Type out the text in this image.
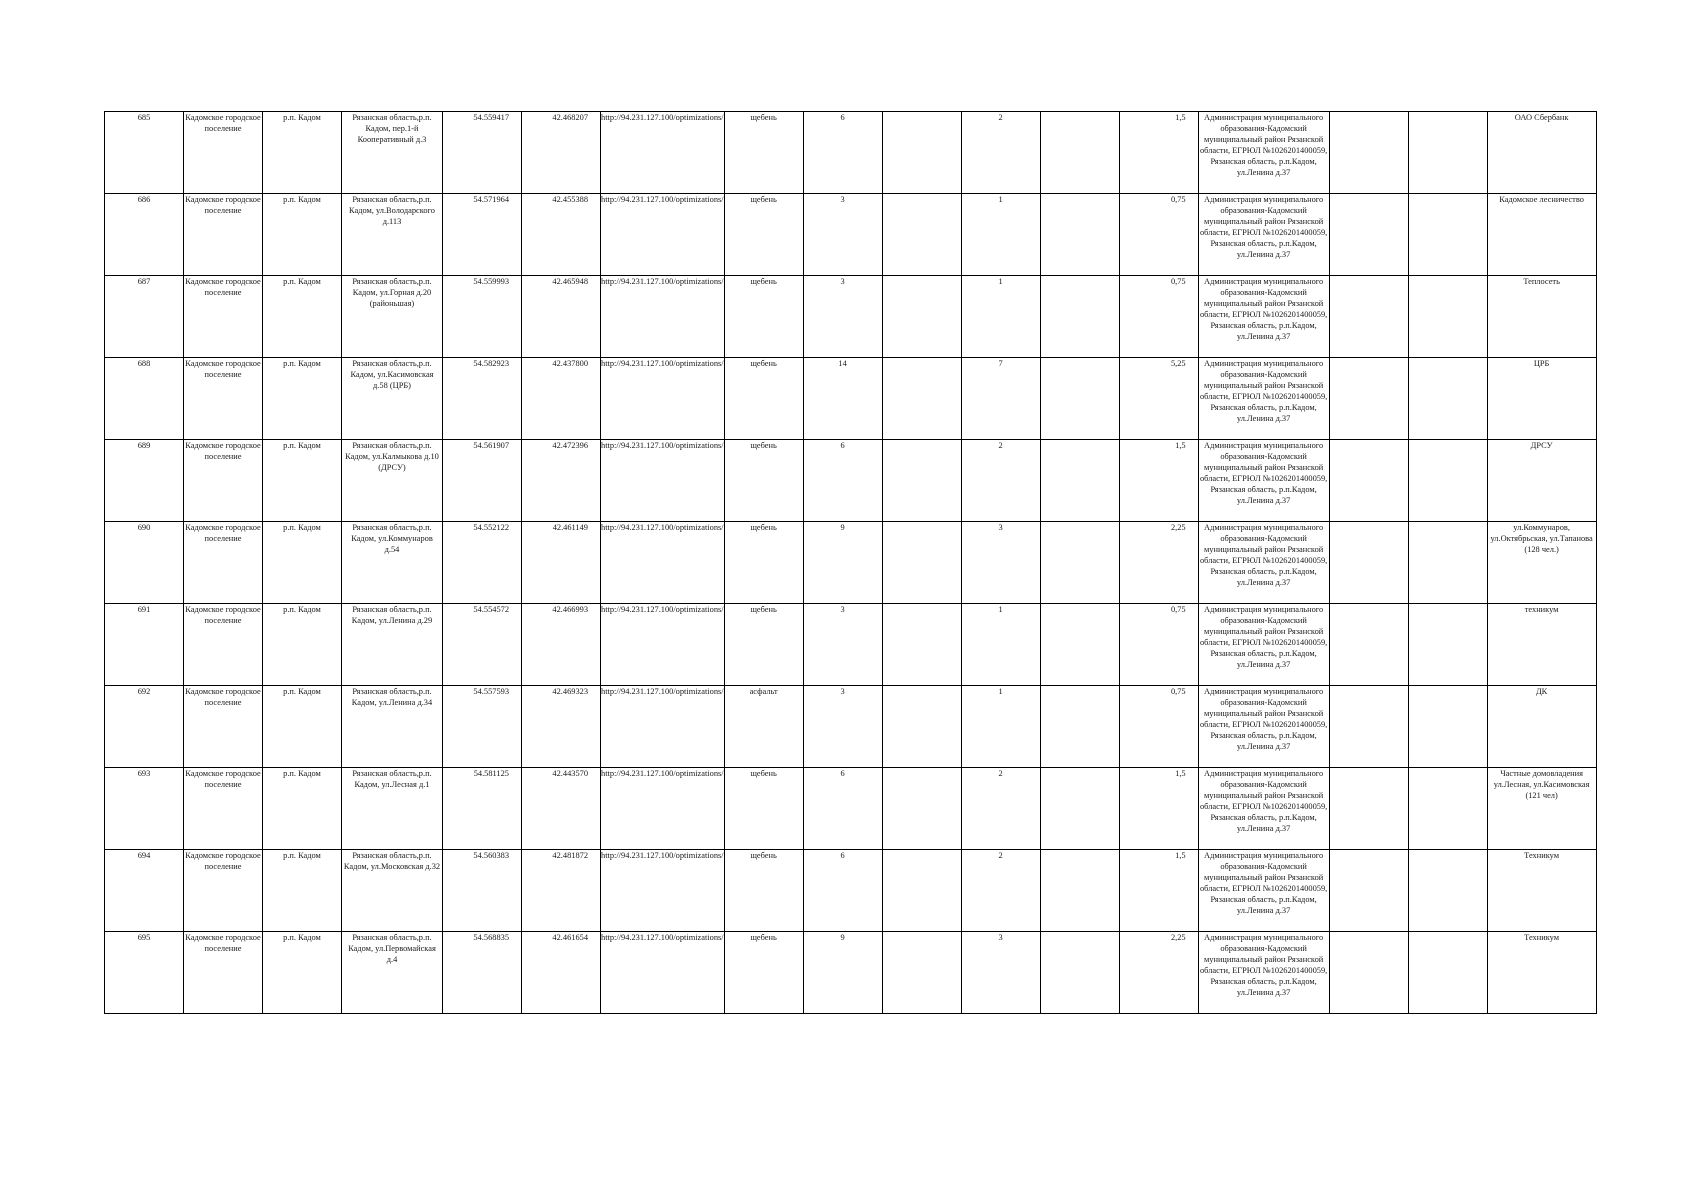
685	Кадомское городское поселение	р.п. Кадом	Рязанская область,р.п. Кадом, пер.1-й Кооперативный д.3	54.559417	42.468207	http://94.231.127.100/optimizations/	щебень	6		2		1,5	Администрация муниципального образования-Кадомский муниципальный район Рязанской области, ЕГРЮЛ №1026201400059, Рязанская область, р.п.Кадом, ул.Ленина д.37			ОАО Сбербанк
686	Кадомское городское поселение	р.п. Кадом	Рязанская область,р.п. Кадом, ул.Володарского д.113	54.571964	42.455388	http://94.231.127.100/optimizations/	щебень	3		1		0,75	Администрация муниципального образования-Кадомский муниципальный район Рязанской области, ЕГРЮЛ №1026201400059, Рязанская область, р.п.Кадом, ул.Ленина д.37			Кадомское лесничество
687	Кадомское городское поселение	р.п. Кадом	Рязанская область,р.п. Кадом, ул.Горная д.20 (районьшая)	54.559993	42.465948	http://94.231.127.100/optimizations/	щебень	3		1		0,75	Администрация муниципального образования-Кадомский муниципальный район Рязанской области, ЕГРЮЛ №1026201400059, Рязанская область, р.п.Кадом, ул.Ленина д.37			Теплосеть
688	Кадомское городское поселение	р.п. Кадом	Рязанская область,р.п. Кадом, ул.Касимовская д.58 (ЦРБ)	54.582923	42.437800	http://94.231.127.100/optimizations/	щебень	14		7		5,25	Администрация муниципального образования-Кадомский муниципальный район Рязанской области, ЕГРЮЛ №1026201400059, Рязанская область, р.п.Кадом, ул.Ленина д.37			ЦРБ
689	Кадомское городское поселение	р.п. Кадом	Рязанская область,р.п. Кадом, ул.Калмыкова д.10 (ДРСУ)	54.561907	42.472396	http://94.231.127.100/optimizations/	щебень	6		2		1,5	Администрация муниципального образования-Кадомский муниципальный район Рязанской области, ЕГРЮЛ №1026201400059, Рязанская область, р.п.Кадом, ул.Ленина д.37			ДРСУ
690	Кадомское городское поселение	р.п. Кадом	Рязанская область,р.п. Кадом, ул.Коммунаров д.54	54.552122	42.461149	http://94.231.127.100/optimizations/	щебень	9		3		2,25	Администрация муниципального образования-Кадомский муниципальный район Рязанской области, ЕГРЮЛ №1026201400059, Рязанская область, р.п.Кадом, ул.Ленина д.37			ул.Коммунаров, ул.Октябрьская, ул.Тапанова (128 чел.)
691	Кадомское городское поселение	р.п. Кадом	Рязанская область,р.п. Кадом, ул.Ленина д.29	54.554572	42.466993	http://94.231.127.100/optimizations/	щебень	3		1		0,75	Администрация муниципального образования-Кадомский муниципальный район Рязанской области, ЕГРЮЛ №1026201400059, Рязанская область, р.п.Кадом, ул.Ленина д.37			техникум
692	Кадомское городское поселение	р.п. Кадом	Рязанская область,р.п. Кадом, ул.Ленина д.34	54.557593	42.469323	http://94.231.127.100/optimizations/	асфальт	3		1		0,75	Администрация муниципального образования-Кадомский муниципальный район Рязанской области, ЕГРЮЛ №1026201400059, Рязанская область, р.п.Кадом, ул.Ленина д.37			ДК
693	Кадомское городское поселение	р.п. Кадом	Рязанская область,р.п. Кадом, ул.Лесная д.1	54.581125	42.443570	http://94.231.127.100/optimizations/	щебень	6		2		1,5	Администрация муниципального образования-Кадомский муниципальный район Рязанской области, ЕГРЮЛ №1026201400059, Рязанская область, р.п.Кадом, ул.Ленина д.37			Частные домовладения ул.Лесная, ул.Касимовская (121 чел)
694	Кадомское городское поселение	р.п. Кадом	Рязанская область,р.п. Кадом, ул.Московская д.32	54.560383	42.481872	http://94.231.127.100/optimizations/	щебень	6		2		1,5	Администрация муниципального образования-Кадомский муниципальный район Рязанской области, ЕГРЮЛ №1026201400059, Рязанская область, р.п.Кадом, ул.Ленина д.37			Техникум
695	Кадомское городское поселение	р.п. Кадом	Рязанская область,р.п. Кадом, ул.Первомайская д.4	54.568835	42.461654	http://94.231.127.100/optimizations/	щебень	9		3		2,25	Администрация муниципального образования-Кадомский муниципальный район Рязанской области, ЕГРЮЛ №1026201400059, Рязанская область, р.п.Кадом, ул.Ленина д.37			Техникум
